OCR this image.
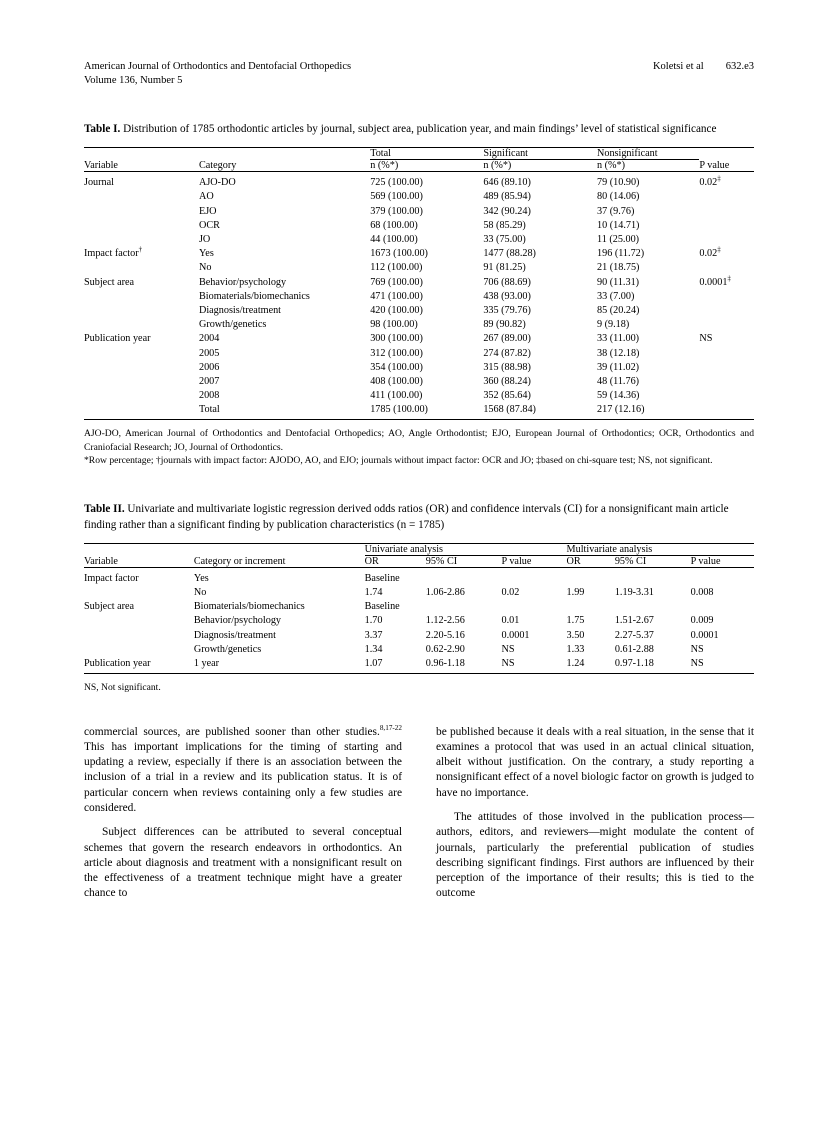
American Journal of Orthodontics and Dentofacial Orthopedics
Volume 136, Number 5
Koletsi et al 632.e3
Table I. Distribution of 1785 orthodontic articles by journal, subject area, publication year, and main findings’ level of statistical significance
		Total	Significant	Nonsignificant	
Variable	Category	n (%*)	n (%*)	n (%*)	P value
Journal	AJO-DO	725 (100.00)	646 (89.10)	79 (10.90)	0.02‡
	AO	569 (100.00)	489 (85.94)	80 (14.06)	
	EJO	379 (100.00)	342 (90.24)	37 (9.76)	
	OCR	68 (100.00)	58 (85.29)	10 (14.71)	
	JO	44 (100.00)	33 (75.00)	11 (25.00)	
Impact factor†	Yes	1673 (100.00)	1477 (88.28)	196 (11.72)	0.02‡
	No	112 (100.00)	91 (81.25)	21 (18.75)	
Subject area	Behavior/psychology	769 (100.00)	706 (88.69)	90 (11.31)	0.0001‡
	Biomaterials/biomechanics	471 (100.00)	438 (93.00)	33 (7.00)	
	Diagnosis/treatment	420 (100.00)	335 (79.76)	85 (20.24)	
	Growth/genetics	98 (100.00)	89 (90.82)	9 (9.18)	
Publication year	2004	300 (100.00)	267 (89.00)	33 (11.00)	NS
	2005	312 (100.00)	274 (87.82)	38 (12.18)	
	2006	354 (100.00)	315 (88.98)	39 (11.02)	
	2007	408 (100.00)	360 (88.24)	48 (11.76)	
	2008	411 (100.00)	352 (85.64)	59 (14.36)	
	Total	1785 (100.00)	1568 (87.84)	217 (12.16)	
AJO-DO, American Journal of Orthodontics and Dentofacial Orthopedics; AO, Angle Orthodontist; EJO, European Journal of Orthodontics; OCR, Orthodontics and Craniofacial Research; JO, Journal of Orthodontics.
*Row percentage; †journals with impact factor: AJODO, AO, and EJO; journals without impact factor: OCR and JO; ‡based on chi-square test; NS, not significant.
Table II. Univariate and multivariate logistic regression derived odds ratios (OR) and confidence intervals (CI) for a nonsignificant main article finding rather than a significant finding by publication characteristics (n = 1785)
		Univariate analysis			Multivariate analysis		
Variable	Category or increment	OR	95% CI	P value	OR	95% CI	P value
Impact factor	Yes	Baseline					
	No	1.74	1.06-2.86	0.02	1.99	1.19-3.31	0.008
Subject area	Biomaterials/biomechanics	Baseline					
	Behavior/psychology	1.70	1.12-2.56	0.01	1.75	1.51-2.67	0.009
	Diagnosis/treatment	3.37	2.20-5.16	0.0001	3.50	2.27-5.37	0.0001
	Growth/genetics	1.34	0.62-2.90	NS	1.33	0.61-2.88	NS
Publication year	1 year	1.07	0.96-1.18	NS	1.24	0.97-1.18	NS
NS, Not significant.

commercial sources, are published sooner than other studies.$^{8,17-22}$ This has important implications for the timing of starting and updating a review, especially if there is an association between the inclusion of a trial in a review and its publication status. It is of particular concern when reviews containing only a few studies are considered.

Subject differences can be attributed to several conceptual schemes that govern the research endeavors in orthodontics. An article about diagnosis and treatment with a nonsignificant result on the effectiveness of a treatment technique might have a greater chance to

be published because it deals with a real situation, in the sense that it examines a protocol that was used in an actual clinical situation, albeit without justification. On the contrary, a study reporting a nonsignificant effect of a novel biologic factor on growth is judged to have no importance.

The attitudes of those involved in the publication process—authors, editors, and reviewers—might modulate the content of journals, particularly the preferential publication of studies describing significant findings. First authors are influenced by their perception of the importance of their results; this is tied to the outcome
